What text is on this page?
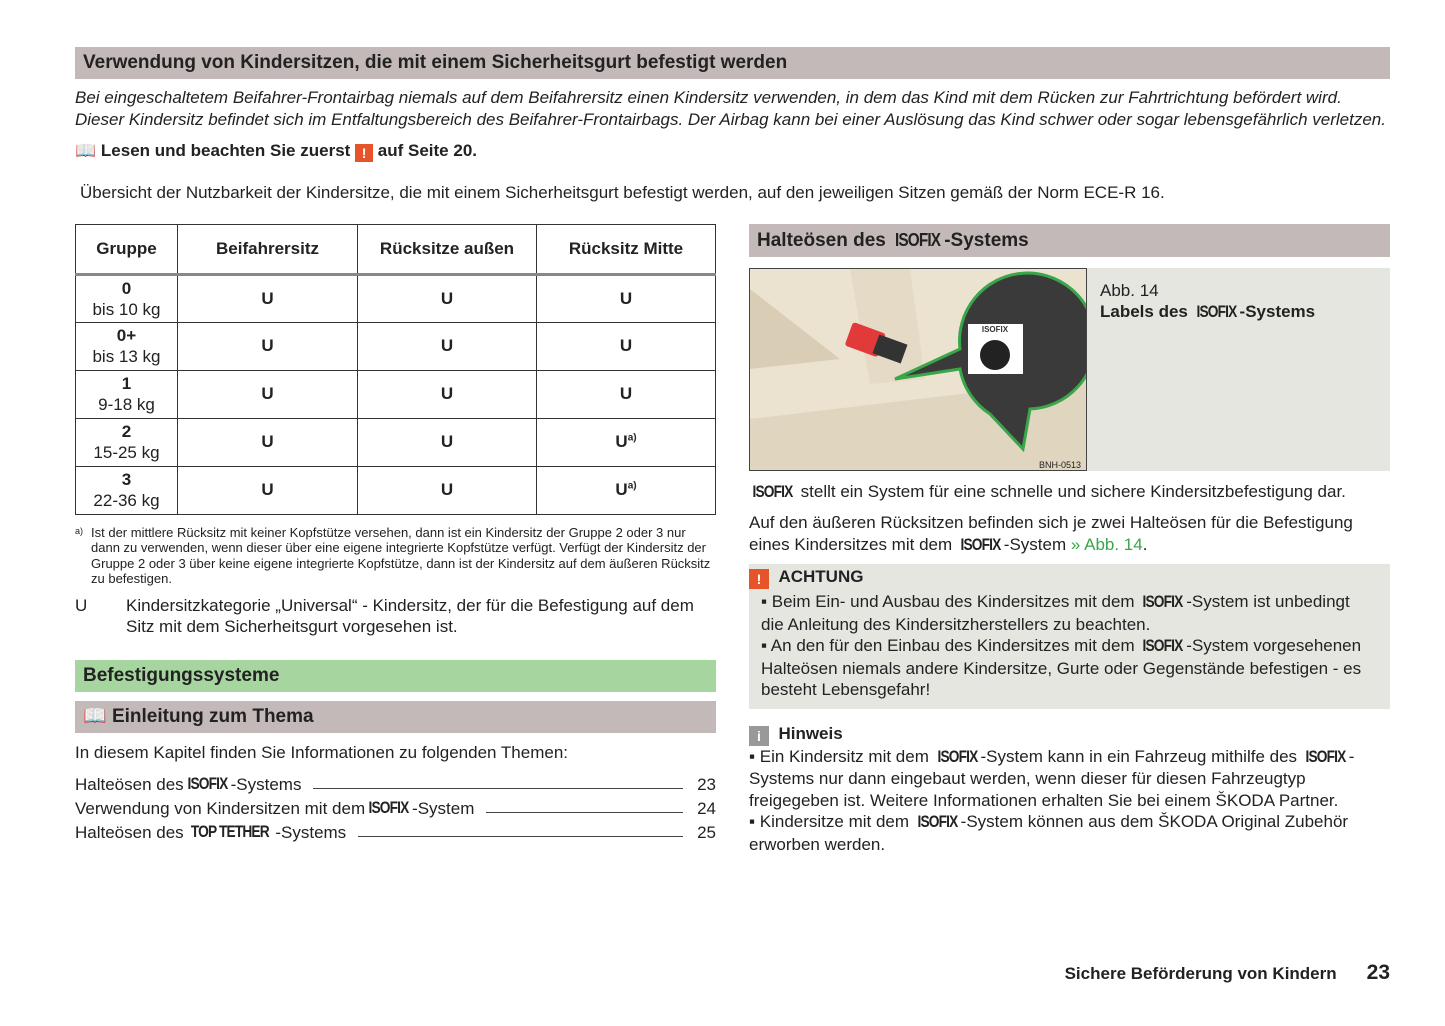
Verwendung von Kindersitzen, die mit einem Sicherheitsgurt befestigt werden
Bei eingeschaltetem Beifahrer-Frontairbag niemals auf dem Beifahrersitz einen Kindersitz verwenden, in dem das Kind mit dem Rücken zur Fahrtrichtung befördert wird. Dieser Kindersitz befindet sich im Entfaltungsbereich des Beifahrer-Frontairbags. Der Airbag kann bei einer Auslösung das Kind schwer oder sogar lebensgefährlich verletzen.
📖 Lesen und beachten Sie zuerst ! auf Seite 20.
Übersicht der Nutzbarkeit der Kindersitze, die mit einem Sicherheitsgurt befestigt werden, auf den jeweiligen Sitzen gemäß der Norm ECE-R 16.
Gruppe	Beifahrersitz	Rücksitze außen	Rücksitz Mitte
0
bis 10 kg	U	U	U
0+
bis 13 kg	U	U	U
1
9-18 kg	U	U	U
2
15-25 kg	U	U	$U^{a)}$
3
22-36 kg	U	U	$U^{a)}$
a) Ist der mittlere Rücksitz mit keiner Kopfstütze versehen, dann ist ein Kindersitz der Gruppe 2 oder 3 nur dann zu verwenden, wenn dieser über eine eigene integrierte Kopfstütze verfügt. Verfügt der Kindersitz der Gruppe 2 oder 3 über keine eigene integrierte Kopfstütze, dann ist der Kindersitz auf dem äußeren Rücksitz zu befestigen.
U Kindersitzkategorie „Universal“ - Kindersitz, der für die Befestigung auf dem Sitz mit dem Sicherheitsgurt vorgesehen ist.
Befestigungssysteme
📖 Einleitung zum Thema
In diesem Kapitel finden Sie Informationen zu folgenden Themen:
Halteösen des ISOFIX -Systems	23
Verwendung von Kindersitzen mit dem ISOFIX -System	24
Halteösen des TOP TETHER -Systems	25
Halteösen des ISOFIX -Systems
ISOFIX
BNH-0513
Abb. 14
Labels des ISOFIX -Systems
ISOFIX stellt ein System für eine schnelle und sichere Kindersitzbefestigung dar.
Auf den äußeren Rücksitzen befinden sich je zwei Halteösen für die Befestigung eines Kindersitzes mit dem ISOFIX -System » Abb. 14.
! ACHTUNG
▪ Beim Ein- und Ausbau des Kindersitzes mit dem ISOFIX -System ist unbedingt die Anleitung des Kindersitzherstellers zu beachten.
▪ An den für den Einbau des Kindersitzes mit dem ISOFIX -System vorgesehenen Halteösen niemals andere Kindersitze, Gurte oder Gegenstände befestigen - es besteht Lebensgefahr!
i Hinweis
▪ Ein Kindersitz mit dem ISOFIX -System kann in ein Fahrzeug mithilfe des ISOFIX -Systems nur dann eingebaut werden, wenn dieser für diesen Fahrzeugtyp freigegeben ist. Weitere Informationen erhalten Sie bei einem ŠKODA Partner.
▪ Kindersitze mit dem ISOFIX -System können aus dem ŠKODA Original Zubehör erworben werden.
Sichere Beförderung von Kindern 23
